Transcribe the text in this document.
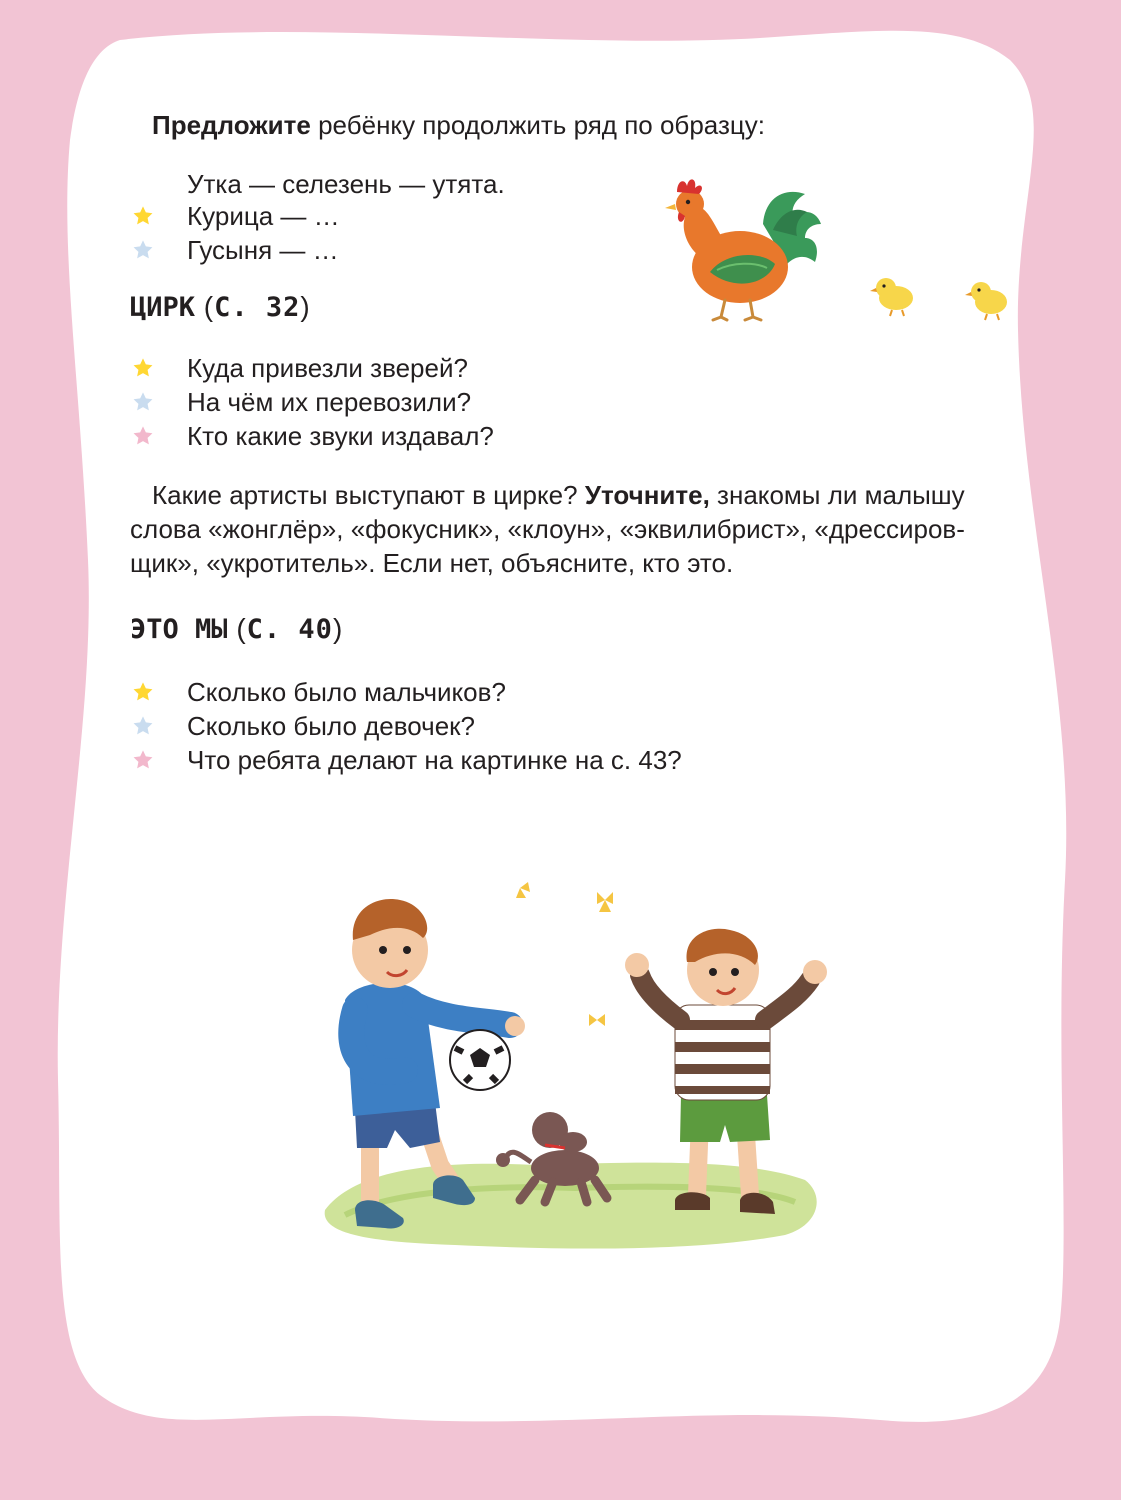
Предложите ребёнку продолжить ряд по образцу:

Утка — селезень — утята.
Курица — …
Гусыня — …
ЦИРК (С. 32)
Куда привезли зверей?
На чём их перевозили?
Кто какие звуки издавал?

Какие артисты выступают в цирке? Уточните, знакомы ли малышу слова «жонглёр», «фокусник», «клоун», «эквилибрист», «дрессиров-щик», «укротитель». Если нет, объясните, кто это.

ЭТО МЫ (С. 40)
Сколько было мальчиков?
Сколько было девочек?
Что ребята делают на картинке на с. 43?
